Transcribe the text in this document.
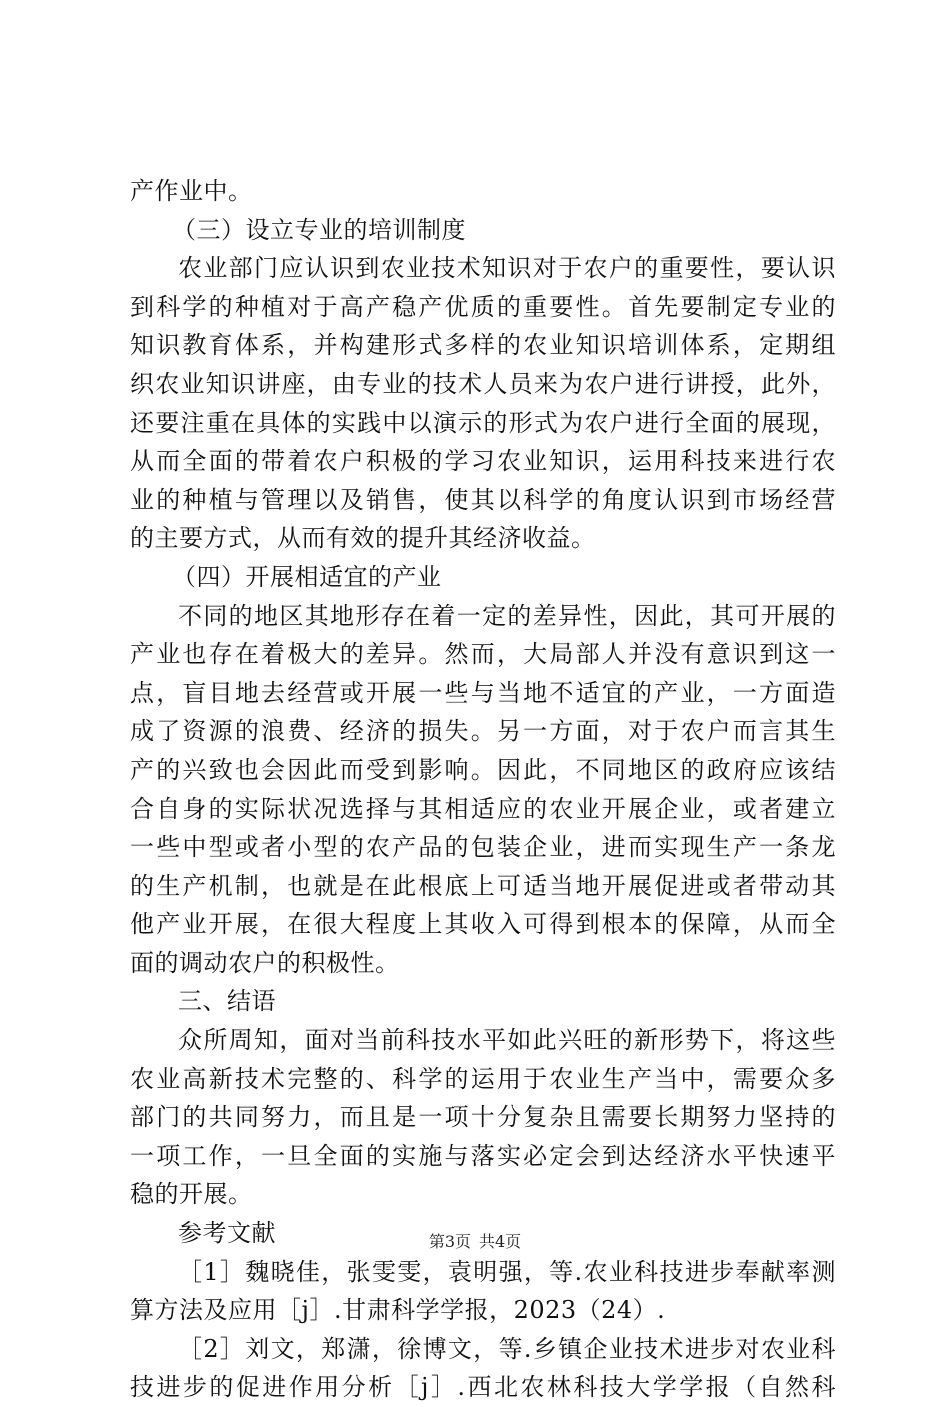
产作业中。
（三）设立专业的培训制度
农业部门应认识到农业技术知识对于农户的重要性，要认识
到科学的种植对于高产稳产优质的重要性。首先要制定专业的
知识教育体系，并构建形式多样的农业知识培训体系，定期组
织农业知识讲座，由专业的技术人员来为农户进行讲授，此外，
还要注重在具体的实践中以演示的形式为农户进行全面的展现，
从而全面的带着农户积极的学习农业知识，运用科技来进行农
业的种植与管理以及销售，使其以科学的角度认识到市场经营
的主要方式，从而有效的提升其经济收益。
（四）开展相适宜的产业
不同的地区其地形存在着一定的差异性，因此，其可开展的
产业也存在着极大的差异。然而，大局部人并没有意识到这一
点，盲目地去经营或开展一些与当地不适宜的产业，一方面造
成了资源的浪费、经济的损失。另一方面，对于农户而言其生
产的兴致也会因此而受到影响。因此，不同地区的政府应该结
合自身的实际状况选择与其相适应的农业开展企业，或者建立
一些中型或者小型的农产品的包装企业，进而实现生产一条龙
的生产机制，也就是在此根底上可适当地开展促进或者带动其
他产业开展，在很大程度上其收入可得到根本的保障，从而全
面的调动农户的积极性。
三、结语
众所周知，面对当前科技水平如此兴旺的新形势下，将这些
农业高新技术完整的、科学的运用于农业生产当中，需要众多
部门的共同努力，而且是一项十分复杂且需要长期努力坚持的
一项工作，一旦全面的实施与落实必定会到达经济水平快速平
稳的开展。
参考文献
［1］魏晓佳，张雯雯，袁明强，等.农业科技进步奉献率测
算方法及应用［j］.甘肃科学学报，2023（24）.
［2］刘文，郑潇，徐博文，等.乡镇企业技术进步对农业科
技进步的促进作用分析［j］.西北农林科技大学学报（自然科
第3页 共4页
